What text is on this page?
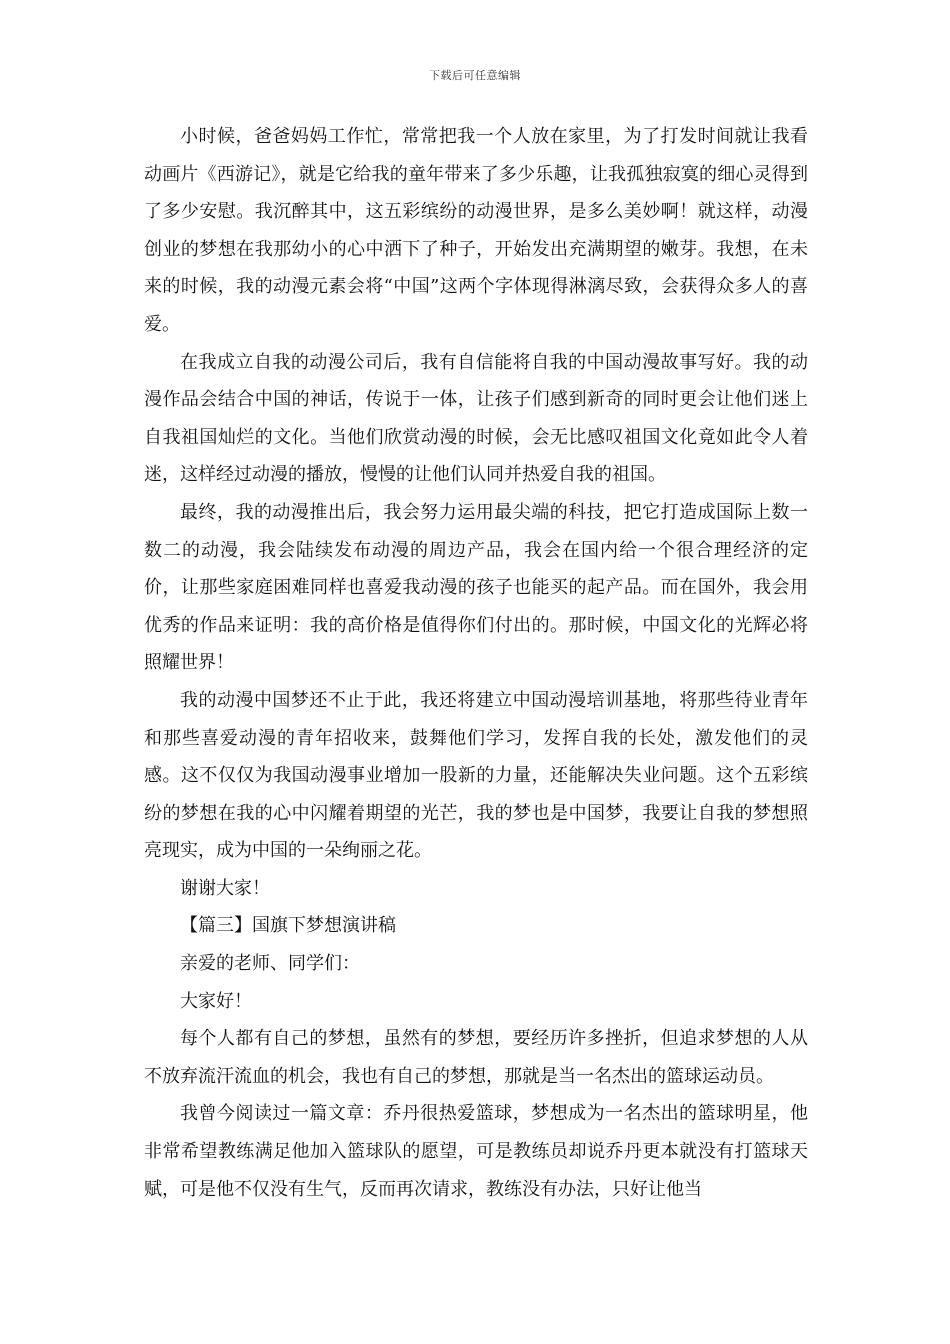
下载后可任意编辑

小时候，爸爸妈妈工作忙，常常把我一个人放在家里，为了打发时间就让我看动画片《西游记》，就是它给我的童年带来了多少乐趣，让我孤独寂寞的细心灵得到了多少安慰。我沉醉其中，这五彩缤纷的动漫世界，是多么美妙啊！就这样，动漫创业的梦想在我那幼小的心中洒下了种子，开始发出充满期望的嫩芽。我想，在未来的时候，我的动漫元素会将“中国”这两个字体现得淋漓尽致，会获得众多人的喜爱。

在我成立自我的动漫公司后，我有自信能将自我的中国动漫故事写好。我的动漫作品会结合中国的神话，传说于一体，让孩子们感到新奇的同时更会让他们迷上自我祖国灿烂的文化。当他们欣赏动漫的时候，会无比感叹祖国文化竟如此令人着迷，这样经过动漫的播放，慢慢的让他们认同并热爱自我的祖国。

最终，我的动漫推出后，我会努力运用最尖端的科技，把它打造成国际上数一数二的动漫，我会陆续发布动漫的周边产品，我会在国内给一个很合理经济的定价，让那些家庭困难同样也喜爱我动漫的孩子也能买的起产品。而在国外，我会用优秀的作品来证明：我的高价格是值得你们付出的。那时候，中国文化的光辉必将照耀世界！

我的动漫中国梦还不止于此，我还将建立中国动漫培训基地，将那些待业青年和那些喜爱动漫的青年招收来，鼓舞他们学习，发挥自我的长处，激发他们的灵感。这不仅仅为我国动漫事业增加一股新的力量，还能解决失业问题。这个五彩缤纷的梦想在我的心中闪耀着期望的光芒，我的梦也是中国梦，我要让自我的梦想照亮现实，成为中国的一朵绚丽之花。

谢谢大家！

【篇三】国旗下梦想演讲稿

亲爱的老师、同学们：

大家好！

每个人都有自己的梦想，虽然有的梦想，要经历许多挫折，但追求梦想的人从不放弃流汗流血的机会，我也有自己的梦想，那就是当一名杰出的篮球运动员。

我曾今阅读过一篇文章：乔丹很热爱篮球，梦想成为一名杰出的篮球明星，他非常希望教练满足他加入篮球队的愿望，可是教练员却说乔丹更本就没有打篮球天赋，可是他不仅没有生气，反而再次请求，教练没有办法，只好让他当
